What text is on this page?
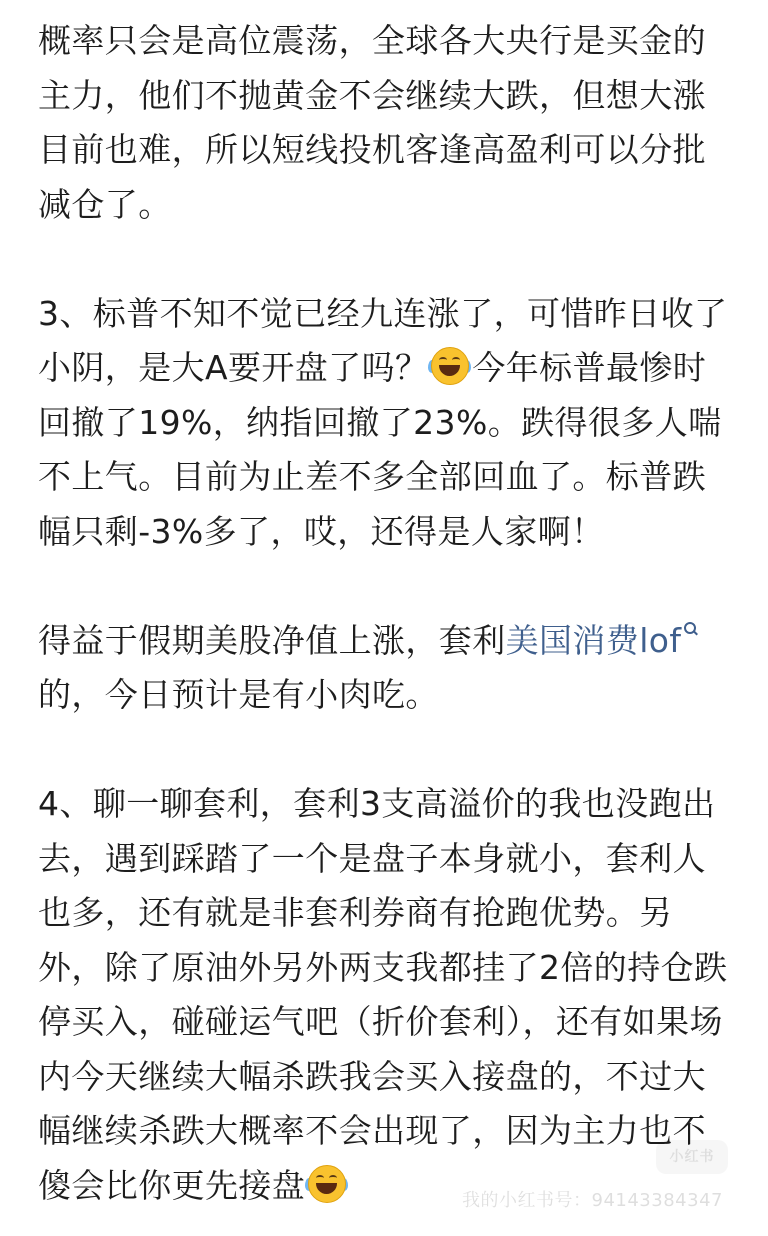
概率只会是高位震荡，全球各大央行是买金的主力，他们不抛黄金不会继续大跌，但想大涨目前也难，所以短线投机客逢高盈利可以分批减仓了。

3、标普不知不觉已经九连涨了，可惜昨日收了小阴，是大A要开盘了吗？ 今年标普最惨时回撤了19%，纳指回撤了23%。跌得很多人喘不上气。目前为止差不多全部回血了。标普跌幅只剩-3%多了，哎，还得是人家啊！

得益于假期美股净值上涨，套利美国消费lof的，今日预计是有小肉吃。

4、聊一聊套利，套利3支高溢价的我也没跑出去，遇到踩踏了一个是盘子本身就小，套利人也多，还有就是非套利券商有抢跑优势。另外，除了原油外另外两支我都挂了2倍的持仓跌停买入，碰碰运气吧（折价套利），还有如果场内今天继续大幅杀跌我会买入接盘的，不过大幅继续杀跌大概率不会出现了，因为主力也不傻会比你更先接盘

小红书
我的小红书号：94143384347
